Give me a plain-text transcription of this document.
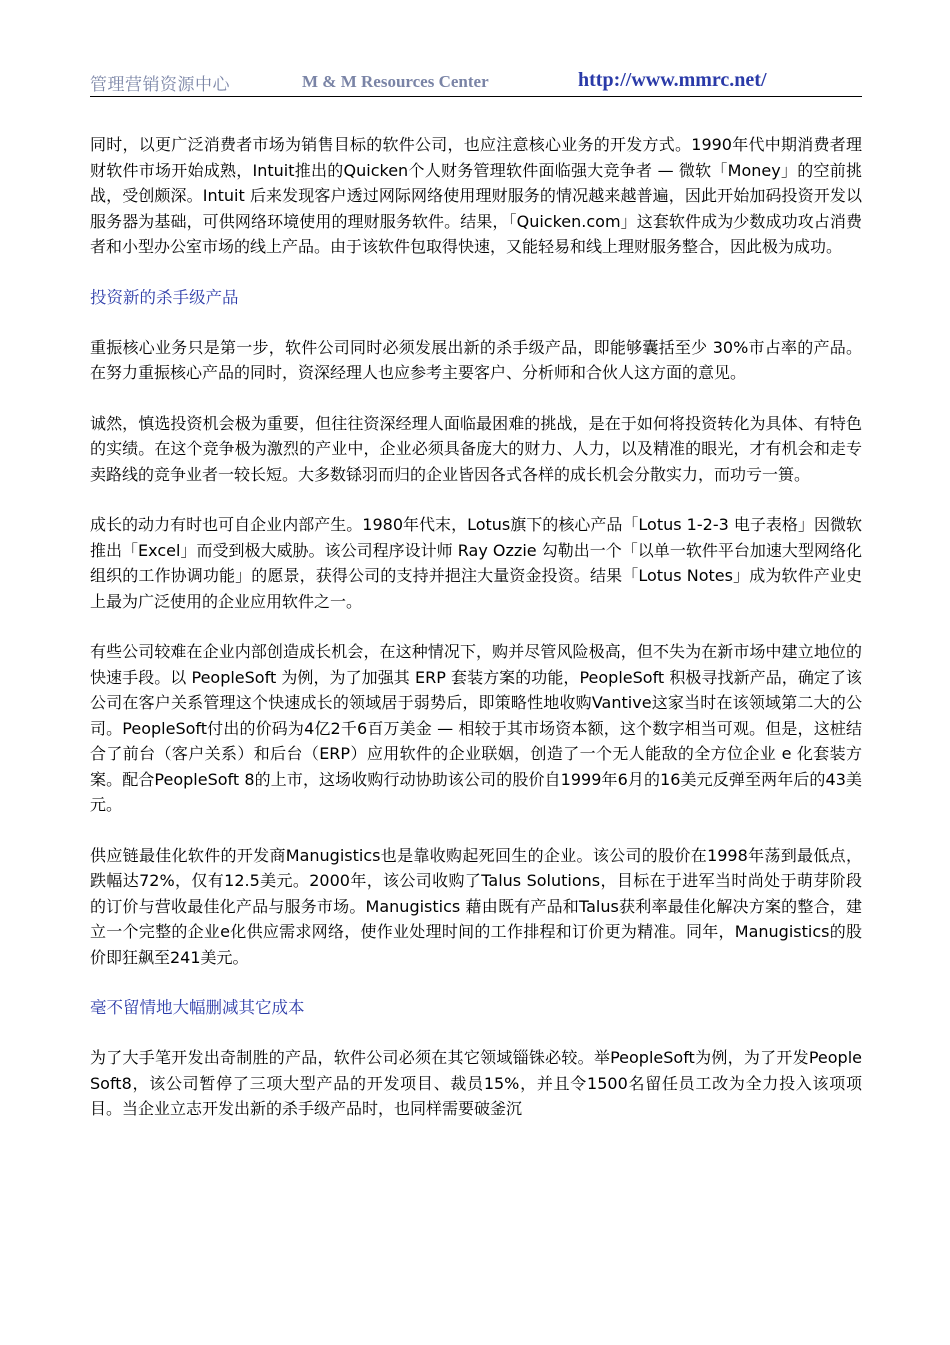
管理营销资源中心	M & M Resources Center	http://www.mmrc.net/

同时，以更广泛消费者市场为销售目标的软件公司，也应注意核心业务的开发方式。1990年代中期消费者理财软件市场开始成熟，Intuit推出的Quicken个人财务管理软件面临强大竞争者 — 微软「Money」的空前挑战，受创颇深。Intuit 后来发现客户透过网际网络使用理财服务的情况越来越普遍，因此开始加码投资开发以服务器为基础，可供网络环境使用的理财服务软件。结果，「Quicken.com」这套软件成为少数成功攻占消费者和小型办公室市场的线上产品。由于该软件包取得快速，又能轻易和线上理财服务整合，因此极为成功。

投资新的杀手级产品

重振核心业务只是第一步，软件公司同时必须发展出新的杀手级产品，即能够囊括至少 30%市占率的产品。在努力重振核心产品的同时，资深经理人也应参考主要客户、分析师和合伙人这方面的意见。

诚然，慎选投资机会极为重要，但往往资深经理人面临最困难的挑战，是在于如何将投资转化为具体、有特色的实绩。在这个竞争极为激烈的产业中，企业必须具备庞大的财力、人力，以及精准的眼光，才有机会和走专卖路线的竞争业者一较长短。大多数铩羽而归的企业皆因各式各样的成长机会分散实力，而功亏一篑。

成长的动力有时也可自企业内部产生。1980年代末，Lotus旗下的核心产品「Lotus 1-2-3 电子表格」因微软推出「Excel」而受到极大威胁。该公司程序设计师 Ray Ozzie 勾勒出一个「以单一软件平台加速大型网络化组织的工作协调功能」的愿景，获得公司的支持并挹注大量资金投资。结果「Lotus Notes」成为软件产业史上最为广泛使用的企业应用软件之一。

有些公司较难在企业内部创造成长机会，在这种情况下，购并尽管风险极高，但不失为在新市场中建立地位的快速手段。以 PeopleSoft 为例，为了加强其 ERP 套装方案的功能，PeopleSoft 积极寻找新产品，确定了该公司在客户关系管理这个快速成长的领域居于弱势后，即策略性地收购Vantive这家当时在该领域第二大的公司。PeopleSoft付出的价码为4亿2千6百万美金 — 相较于其市场资本额，这个数字相当可观。但是，这桩结合了前台（客户关系）和后台（ERP）应用软件的企业联姻，创造了一个无人能敌的全方位企业 e 化套装方案。配合PeopleSoft 8的上市，这场收购行动协助该公司的股价自1999年6月的16美元反弹至两年后的43美元。

供应链最佳化软件的开发商Manugistics也是靠收购起死回生的企业。该公司的股价在1998年荡到最低点，跌幅达72%，仅有12.5美元。2000年，该公司收购了Talus Solutions，目标在于进军当时尚处于萌芽阶段的订价与营收最佳化产品与服务市场。Manugistics 藉由既有产品和Talus获利率最佳化解决方案的整合，建立一个完整的企业e化供应需求网络，使作业处理时间的工作排程和订价更为精准。同年，Manugistics的股价即狂飙至241美元。

毫不留情地大幅删减其它成本

为了大手笔开发出奇制胜的产品，软件公司必须在其它领域锱铢必较。举PeopleSoft为例，为了开发PeopleSoft8，该公司暂停了三项大型产品的开发项目、裁员15%，并且令1500名留任员工改为全力投入该项项目。当企业立志开发出新的杀手级产品时，也同样需要破釜沉
